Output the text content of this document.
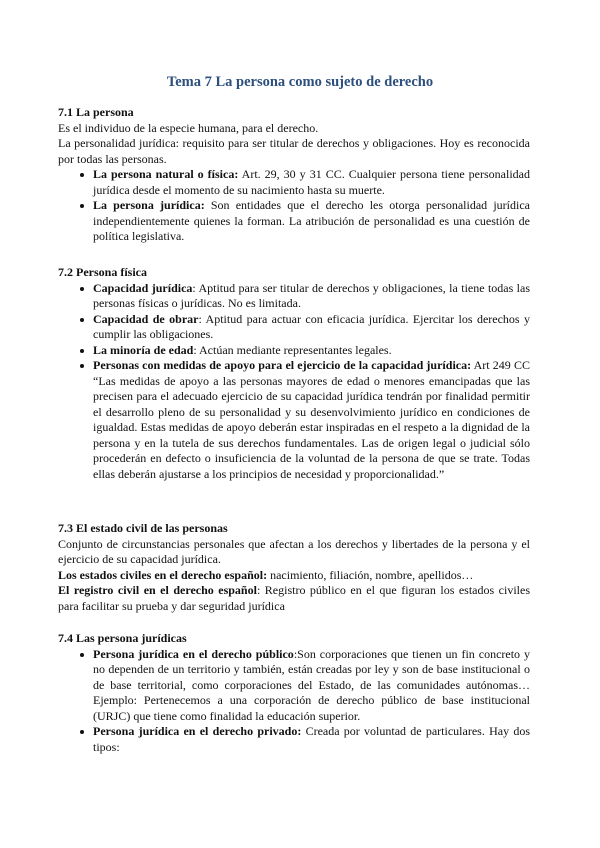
Tema 7 La persona como sujeto de derecho
7.1 La persona

Es el individuo de la especie humana, para el derecho.

La personalidad jurídica: requisito para ser titular de derechos y obligaciones. Hoy es reconocida por todas las personas.

La persona natural o física: Art. 29, 30 y 31 CC. Cualquier persona tiene personalidad jurídica desde el momento de su nacimiento hasta su muerte.
La persona jurídica: Son entidades que el derecho les otorga personalidad jurídica independientemente quienes la forman. La atribución de personalidad es una cuestión de política legislativa.
7.2 Persona física
Capacidad jurídica: Aptitud para ser titular de derechos y obligaciones, la tiene todas las personas físicas o jurídicas. No es limitada.
Capacidad de obrar: Aptitud para actuar con eficacia jurídica. Ejercitar los derechos y cumplir las obligaciones.
La minoría de edad: Actúan mediante representantes legales.
Personas con medidas de apoyo para el ejercicio de la capacidad jurídica: Art 249 CC “Las medidas de apoyo a las personas mayores de edad o menores emancipadas que las precisen para el adecuado ejercicio de su capacidad jurídica tendrán por finalidad permitir el desarrollo pleno de su personalidad y su desenvolvimiento jurídico en condiciones de igualdad. Estas medidas de apoyo deberán estar inspiradas en el respeto a la dignidad de la persona y en la tutela de sus derechos fundamentales. Las de origen legal o judicial sólo procederán en defecto o insuficiencia de la voluntad de la persona de que se trate. Todas ellas deberán ajustarse a los principios de necesidad y proporcionalidad.”
7.3 El estado civil de las personas

Conjunto de circunstancias personales que afectan a los derechos y libertades de la persona y el ejercicio de su capacidad jurídica.

Los estados civiles en el derecho español: nacimiento, filiación, nombre, apellidos…

El registro civil en el derecho español: Registro público en el que figuran los estados civiles para facilitar su prueba y dar seguridad jurídica

7.4 Las persona jurídicas
Persona jurídica en el derecho público:Son corporaciones que tienen un fin concreto y no dependen de un territorio y también, están creadas por ley y son de base institucional o de base territorial, como corporaciones del Estado, de las comunidades autónomas… Ejemplo: Pertenecemos a una corporación de derecho público de base institucional (URJC) que tiene como finalidad la educación superior.
Persona jurídica en el derecho privado: Creada por voluntad de particulares. Hay dos tipos:
